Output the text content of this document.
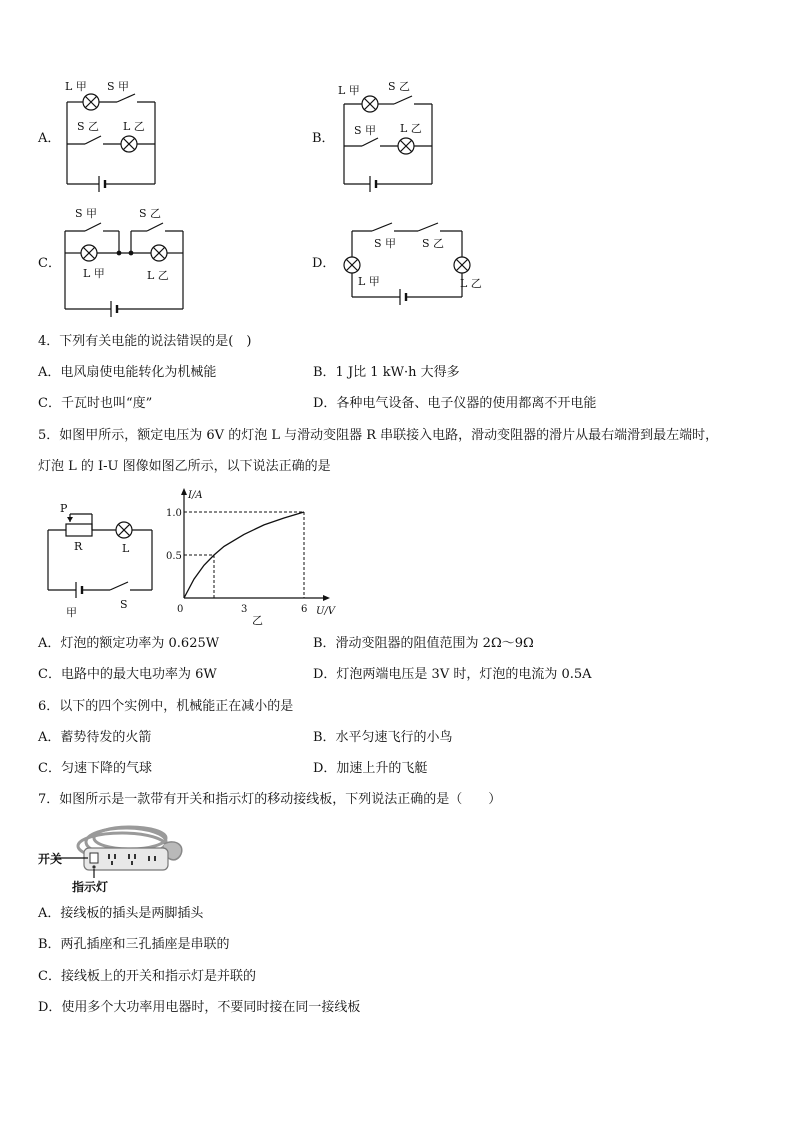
A．
L 甲 S 甲
S 乙 L 乙
B．
L 甲	S 乙
S 甲 L 乙
C．
S 甲	S 乙
L 甲	L 乙
D．
S 甲 S 乙
L 甲	L 乙
4．下列有关电能的说法错误的是(　)
A．电风扇使电能转化为机械能	B．1 J比 1 kW·h 大得多
C．千瓦时也叫“度”	D．各种电气设备、电子仪器的使用都离不开电能
5．如图甲所示，额定电压为 6V 的灯泡 L 与滑动变阻器 R 串联接入电路，滑动变阻器的滑片从最右端滑到最左端时，
灯泡 L 的 I-U 图像如图乙所示，以下说法正确的是
P
R	L
S
甲	0	3	6
0.5
1.0
I/A
U/V
乙
A．灯泡的额定功率为 0.625W	B．滑动变阻器的阻值范围为 2Ω～9Ω
C．电路中的最大电功率为 6W	D．灯泡两端电压是 3V 时，灯泡的电流为 0.5A
6．以下的四个实例中，机械能正在减小的是
A．蓄势待发的火箭	B．水平匀速飞行的小鸟
C．匀速下降的气球	D．加速上升的飞艇
7．如图所示是一款带有开关和指示灯的移动接线板，下列说法正确的是（　　）
开关
指示灯
A．接线板的插头是两脚插头
B．两孔插座和三孔插座是串联的
C．接线板上的开关和指示灯是并联的
D．使用多个大功率用电器时，不要同时接在同一接线板
